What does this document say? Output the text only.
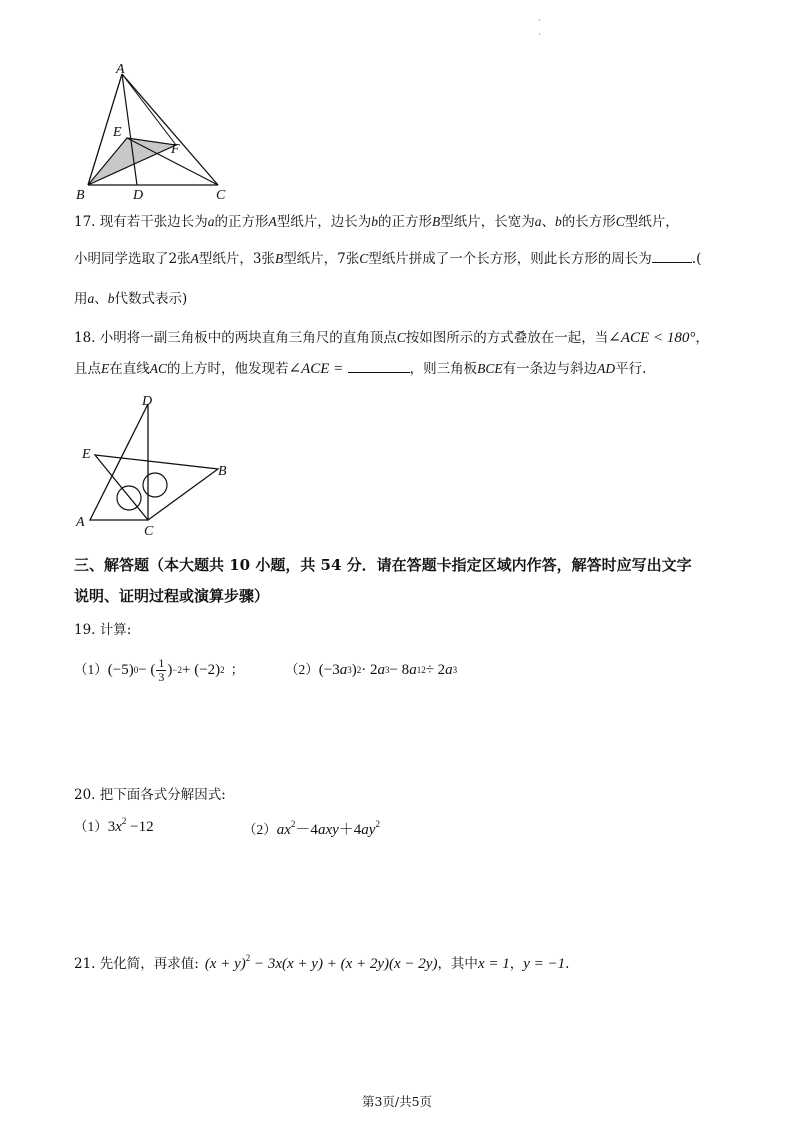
·
·
A
B	C
D
E
F
17. 现有若干张边长为a的正方形A型纸片，边长为b的正方形B型纸片，长宽为a、b的长方形C型纸片，
小明同学选取了2张A型纸片，3张B型纸片，7张C型纸片拼成了一个长方形，则此长方形的周长为	.(
用a、b代数式表示)
18. 小明将一副三角板中的两块直角三角尺的直角顶点C按如图所示的方式叠放在一起，当∠ACE < 180°，
且点E在直线AC的上方时，他发现若∠ACE =	，则三角板BCE有一条边与斜边AD平行.
D
E
B
A
C
三、解答题（本大题共 10 小题，共 54 分．请在答题卡指定区域内作答，解答时应写出文字
说明、证明过程或演算步骤）
19. 计算:
（1） (−5) 0 − ( $\frac{1}{3}$ ) −2 + (−2) 2 ；	（2） (−3 a 3 ) 2 · 2 a 3 − 8 a 12 ÷ 2 a 3
20. 把下面各式分解因式:
$(1)3x^2 -12$	$(2)ax^2-4axy+4ay^2$
21. 先化简，再求值: $(x + y)^2 - 3x(x + y) + (x + 2y)(x - 2y)$ ，其中 x = 1 ， y = −1 .
第3页/共5页
